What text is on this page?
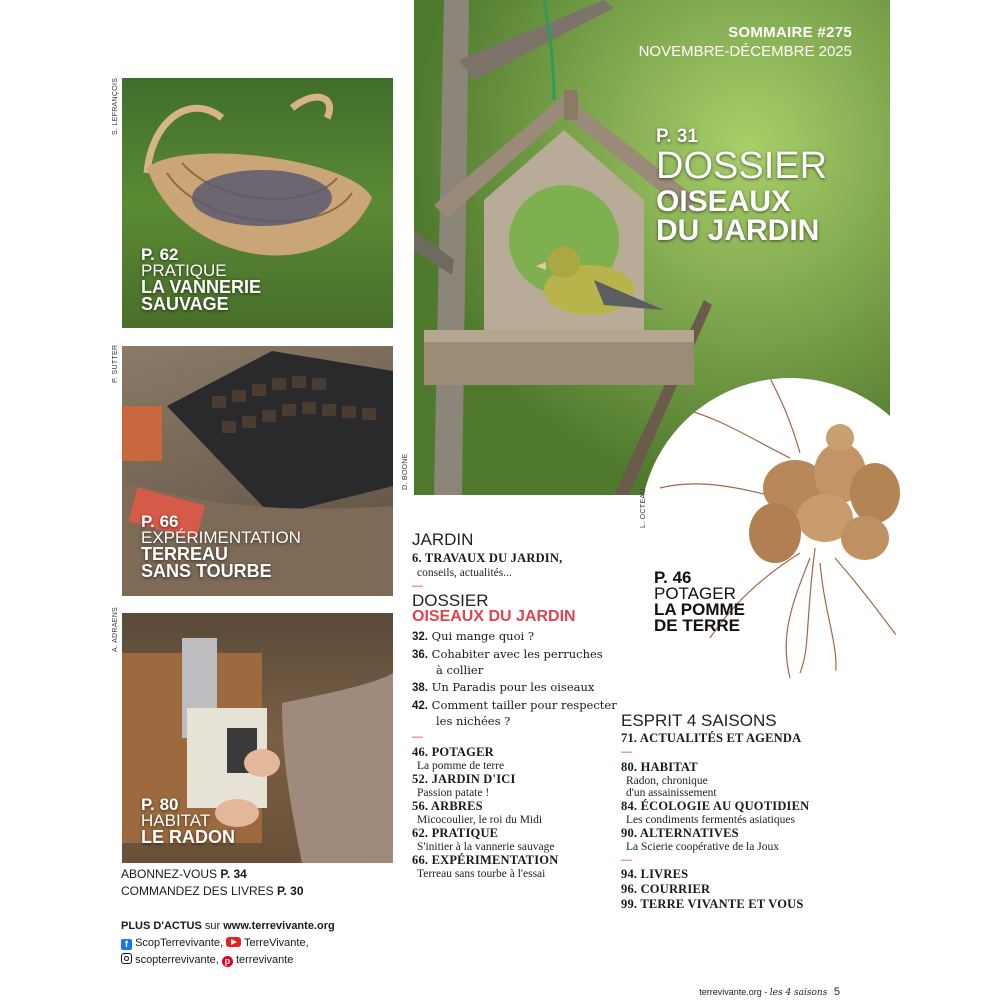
D. BOONE
SOMMAIRE #275
NOVEMBRE-DÉCEMBRE 2025
P. 31
DOSSIER
OISEAUX
DU JARDIN
L. OCTEAU
P. 46
POTAGER
LA POMME
DE TERRE
S. LEFRANÇOIS
P. 62
PRATIQUE
LA VANNERIE
SAUVAGE
P. SUTTER
P. 66
EXPÉRIMENTATION
TERREAU
SANS TOURBE
A. ADRAENS
P. 80
HABITAT
LE RADON
ABONNEZ-VOUS P. 34
COMMANDEZ DES LIVRES P. 30
PLUS D'ACTUS sur www.terrevivante.org
f ScopTerrevivante, TerreVivante,
scopterrevivante, p terrevivante
JARDIN
6. TRAVAUX DU JARDIN,
conseils, actualités...
—
DOSSIER
OISEAUX DU JARDIN
32. Qui mange quoi ?
36. Cohabiter avec les perruches
à collier
38. Un Paradis pour les oiseaux
42. Comment tailler pour respecter
les nichées ?
—
46. POTAGER
La pomme de terre
52. JARDIN D'ICI
Passion patate !
56. ARBRES
Micocoulier, le roi du Midi
62. PRATIQUE
S'initier à la vannerie sauvage
66. EXPÉRIMENTATION
Terreau sans tourbe à l'essai
ESPRIT 4 SAISONS
71. ACTUALITÉS ET AGENDA
—
80. HABITAT
Radon, chronique
d'un assainissement
84. ÉCOLOGIE AU QUOTIDIEN
Les condiments fermentés asiatiques
90. ALTERNATIVES
La Scierie coopérative de la Joux
—
94. LIVRES
96. COURRIER
99. TERRE VIVANTE ET VOUS
terrevivante.org - les 4 saisons 5
